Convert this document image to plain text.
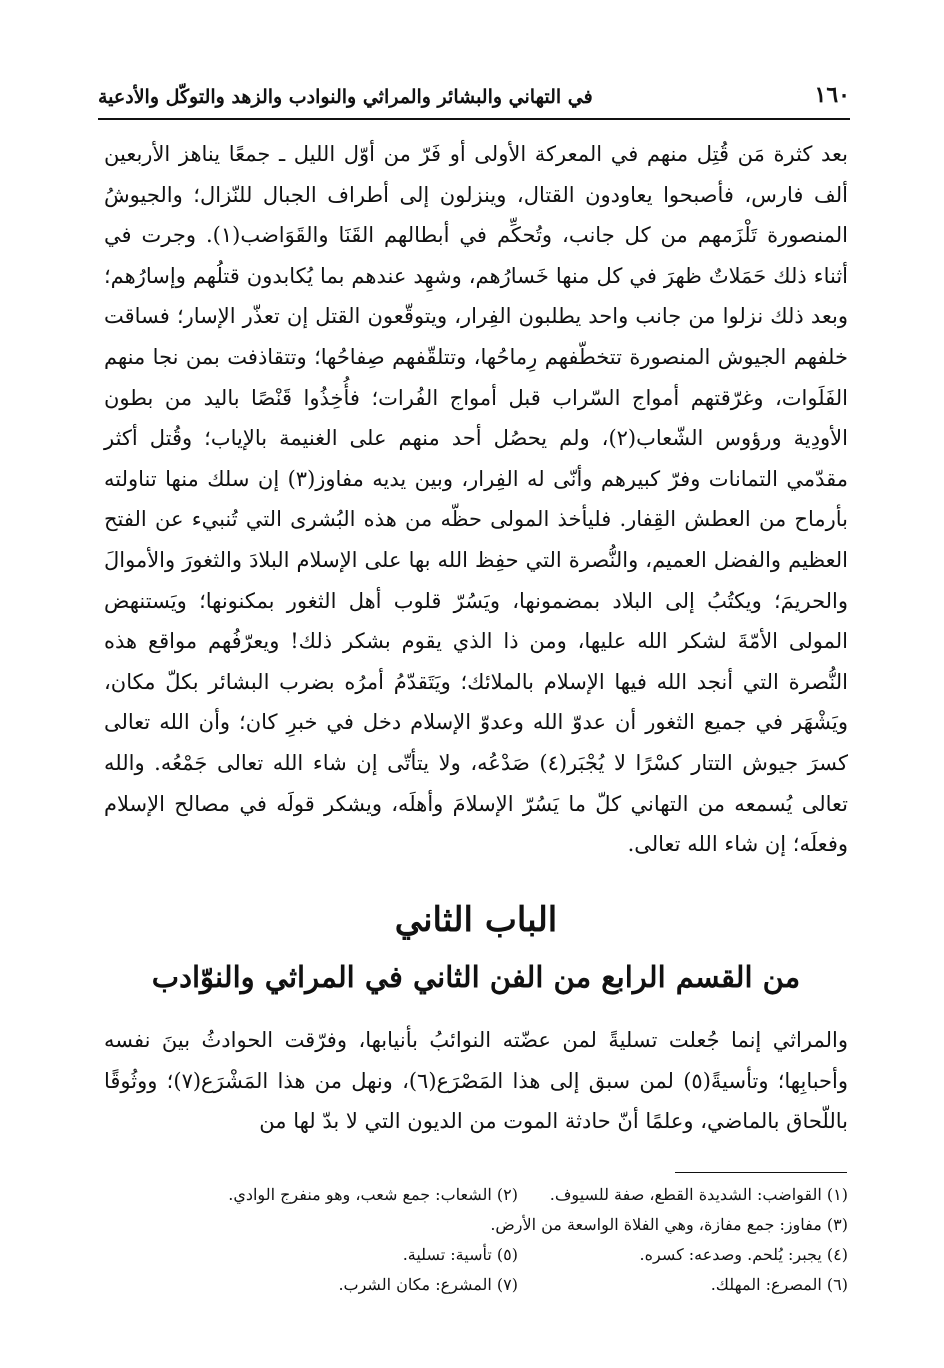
١٦٠
في التهاني والبشائر والمراثي والنوادب والزهد والتوكّل والأدعية

بعد كثرة مَن قُتِل منهم في المعركة الأولى أو فَرّ من أوّل الليل ـ جمعًا يناهز الأربعين ألف فارس، فأصبحوا يعاودون القتال، وينزلون إلى أطراف الجبال للنّزال؛ والجيوشُ المنصورة تَلْزَمهم من كل جانب، وتُحكِّم في أبطالهم القَنَا والقَوَاضب(١). وجرت في أثناء ذلك حَمَلاتٌ ظهرَ في كل منها خَسارُهم، وشهِد عندهم بما يُكابدون قتلُهم وإسارُهم؛ وبعد ذلك نزلوا من جانب واحد يطلبون الفِرار، ويتوقّعون القتل إن تعذّر الإسار؛ فساقت خلفهم الجيوش المنصورة تتخطّفهم رِماحُها، وتتلقّفهم صِفاحُها؛ وتتقاذفت بمن نجا منهم الفَلَوات، وغرّقتهم أمواج السّراب قبل أمواج الفُرات؛ فأُخِذُوا قَنْصًا باليد من بطون الأودِية ورؤوس الشّعاب(٢)، ولم يحصُل أحد منهم على الغنيمة بالإياب؛ وقُتل أكثر مقدّمي التمانات وفرّ كبيرهم وأنّى له الفِرار، وبين يديه مفاوز(٣) إن سلك منها تناولته بأرماح من العطش القِفار. فليأخذ المولى حظّه من هذه البُشرى التي تُنبيء عن الفتح العظيم والفضل العميم، والنُّصرة التي حفِظ الله بها على الإسلام البلادَ والثغورَ والأموالَ والحريمَ؛ ويكتُبُ إلى البلاد بمضمونها، ويَسُرّ قلوب أهل الثغور بمكنونها؛ ويَستنهض المولى الأمّةَ لشكر الله عليها، ومن ذا الذي يقوم بشكر ذلك! ويعرّفُهم مواقع هذه النُّصرة التي أنجد الله فيها الإسلام بالملائك؛ ويَتَقدّمُ أمرُه بضرب البشائر بكلّ مكان، ويَشْهَر في جميع الثغور أن عدوّ الله وعدوّ الإسلام دخل في خبرِ كان؛ وأن الله تعالى كسرَ جيوش التتار كسْرًا لا يُجْبَر(٤) صَدْعُه، ولا يتأتّى إن شاء الله تعالى جَمْعُه. والله تعالى يُسمعه من التهاني كلّ ما يَسُرّ الإسلامَ وأهلَه، ويشكر قولَه في مصالح الإسلام وفعلَه؛ إن شاء الله تعالى.

الباب الثاني
من القسم الرابع من الفن الثاني في المراثي والنوّادب

والمراثي إنما جُعلت تسليةً لمن عضّته النوائبُ بأنيابها، وفرّقت الحوادثُ بينَ نفسه وأحبابِها؛ وتأسيةً(٥) لمن سبق إلى هذا المَصْرَع(٦)، ونهل من هذا المَشْرَع(٧)؛ ووثُوقًا باللّحاق بالماضي، وعلمًا أنّ حادثة الموت من الديون التي لا بدّ لها من

(١) القواضب: الشديدة القطع، صفة للسيوف.
(٢) الشعاب: جمع شعب، وهو منفرج الوادي.
(٣) مفاوز: جمع مفازة، وهي الفلاة الواسعة من الأرض.
(٤) يجبر: يُلحم. وصدعه: كسره.
(٥) تأسية: تسلية.
(٦) المصرع: المهلك.
(٧) المشرع: مكان الشرب.
